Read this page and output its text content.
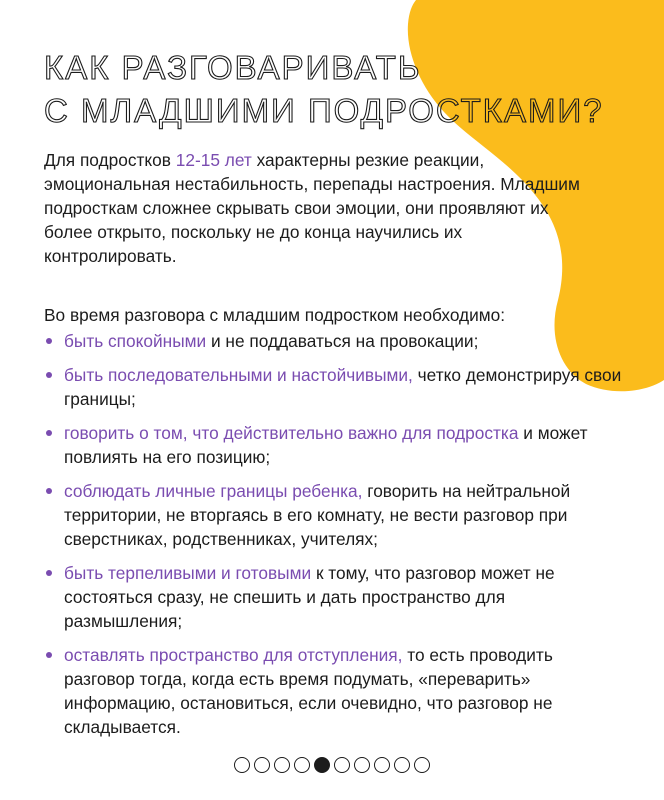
КАК РАЗГОВАРИВАТЬ
С МЛАДШИМИ ПОДРОСТКАМИ?

Для подростков 12-15 лет характерны резкие реакции, эмоциональная нестабильность, перепады настроения. Младшим подросткам сложнее скрывать свои эмоции, они проявляют их более открыто, поскольку не до конца научились их контролировать.

Во время разговора с младшим подростком необходимо:

быть спокойными и не поддаваться на провокации;
быть последовательными и настойчивыми, четко демонстрируя свои границы;
говорить о том, что действительно важно для подростка и может повлиять на его позицию;
соблюдать личные границы ребенка, говорить на нейтральной территории, не вторгаясь в его комнату, не вести разговор при сверстниках, родственниках, учителях;
быть терпеливыми и готовыми к тому, что разговор может не состояться сразу, не спешить и дать пространство для размышления;
оставлять пространство для отступления, то есть проводить разговор тогда, когда есть время подумать, «переварить» информацию, остановиться, если очевидно, что разговор не складывается.
